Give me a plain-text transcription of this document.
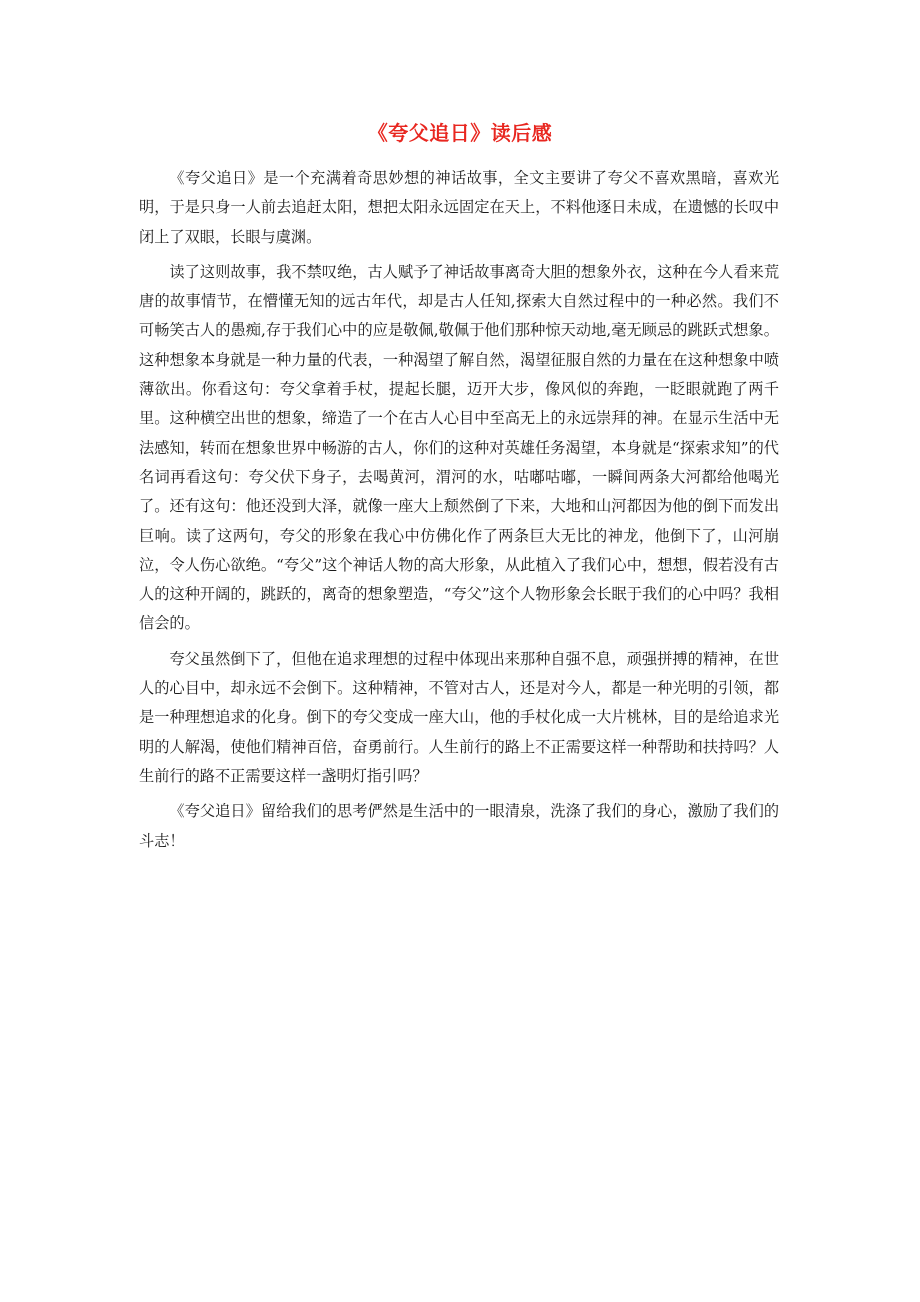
《夸父追日》读后感

《夸父追日》是一个充满着奇思妙想的神话故事，全文主要讲了夸父不喜欢黑暗，喜欢光明，于是只身一人前去追赶太阳，想把太阳永远固定在天上，不料他逐日未成，在遗憾的长叹中闭上了双眼，长眼与虞渊。

读了这则故事，我不禁叹绝，古人赋予了神话故事离奇大胆的想象外衣，这种在今人看来荒唐的故事情节，在懵懂无知的远古年代，却是古人任知,探索大自然过程中的一种必然。我们不可畅笑古人的愚痴,存于我们心中的应是敬佩,敬佩于他们那种惊天动地,毫无顾忌的跳跃式想象。这种想象本身就是一种力量的代表，一种渴望了解自然，渴望征服自然的力量在在这种想象中喷薄欲出。你看这句：夸父拿着手杖，提起长腿，迈开大步，像风似的奔跑，一眨眼就跑了两千里。这种横空出世的想象，缔造了一个在古人心目中至高无上的永远崇拜的神。在显示生活中无法感知，转而在想象世界中畅游的古人，你们的这种对英雄任务渴望，本身就是“探索求知”的代名词再看这句：夸父伏下身子，去喝黄河，渭河的水，咕嘟咕嘟，一瞬间两条大河都给他喝光了。还有这句：他还没到大泽，就像一座大上颓然倒了下来，大地和山河都因为他的倒下而发出巨响。读了这两句，夸父的形象在我心中仿佛化作了两条巨大无比的神龙，他倒下了，山河崩泣，令人伤心欲绝。“夸父”这个神话人物的高大形象，从此植入了我们心中，想想，假若没有古人的这种开阔的，跳跃的，离奇的想象塑造，“夸父”这个人物形象会长眠于我们的心中吗？我相信会的。

夸父虽然倒下了，但他在追求理想的过程中体现出来那种自强不息，顽强拼搏的精神，在世人的心目中，却永远不会倒下。这种精神，不管对古人，还是对今人，都是一种光明的引领，都是一种理想追求的化身。倒下的夸父变成一座大山，他的手杖化成一大片桃林，目的是给追求光明的人解渴，使他们精神百倍，奋勇前行。人生前行的路上不正需要这样一种帮助和扶持吗？人生前行的路不正需要这样一盏明灯指引吗？

《夸父追日》留给我们的思考俨然是生活中的一眼清泉，洗涤了我们的身心，激励了我们的斗志！
